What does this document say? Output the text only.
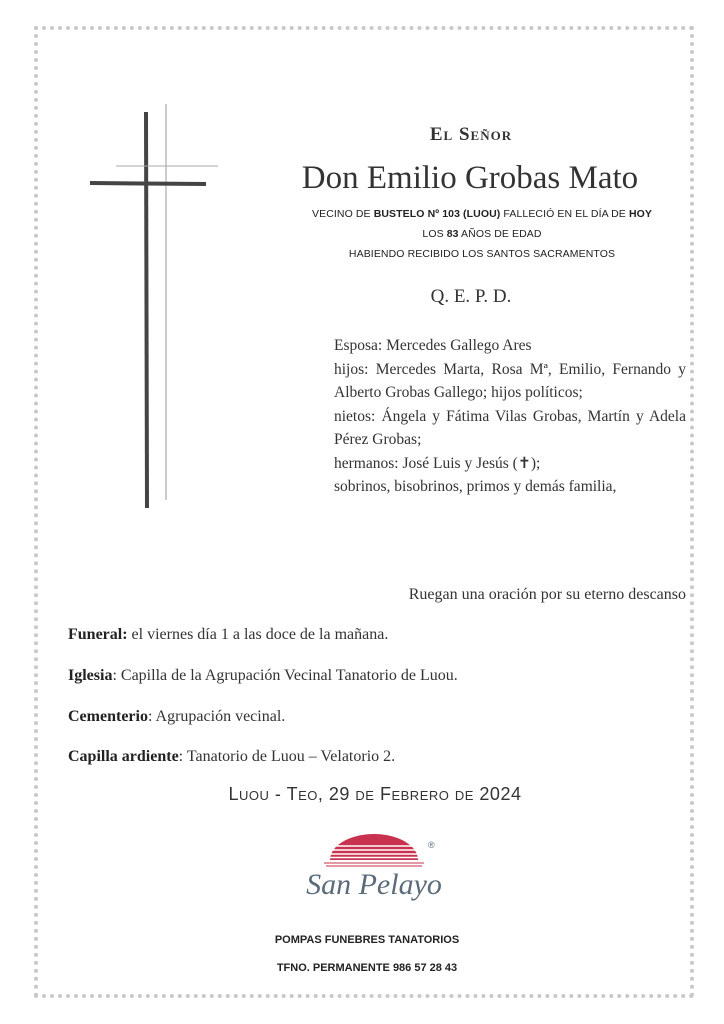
El Señor
Don Emilio Grobas Mato
VECINO DE BUSTELO Nº 103 (LUOU) FALLECIÓ EN EL DÍA DE HOY
LOS 83 AÑOS DE EDAD
HABIENDO RECIBIDO LOS SANTOS SACRAMENTOS
Q. E. P. D.

Esposa: Mercedes Gallego Ares

hijos: Mercedes Marta, Rosa Mª, Emilio, Fernando y Alberto Grobas Gallego; hijos políticos;

nietos: Ángela y Fátima Vilas Grobas, Martín y Adela Pérez Grobas;

hermanos: José Luis y Jesús (✝);

sobrinos, bisobrinos, primos y demás familia,

Ruegan una oración por su eterno descanso
Funeral: el viernes día 1 a las doce de la mañana.
Iglesia: Capilla de la Agrupación Vecinal Tanatorio de Luou.
Cementerio: Agrupación vecinal.
Capilla ardiente: Tanatorio de Luou – Velatorio 2.
Luou - Teo, 29 de Febrero de 2024
San Pelayo
®
POMPAS FUNEBRES TANATORIOS
TFNO. PERMANENTE 986 57 28 43
